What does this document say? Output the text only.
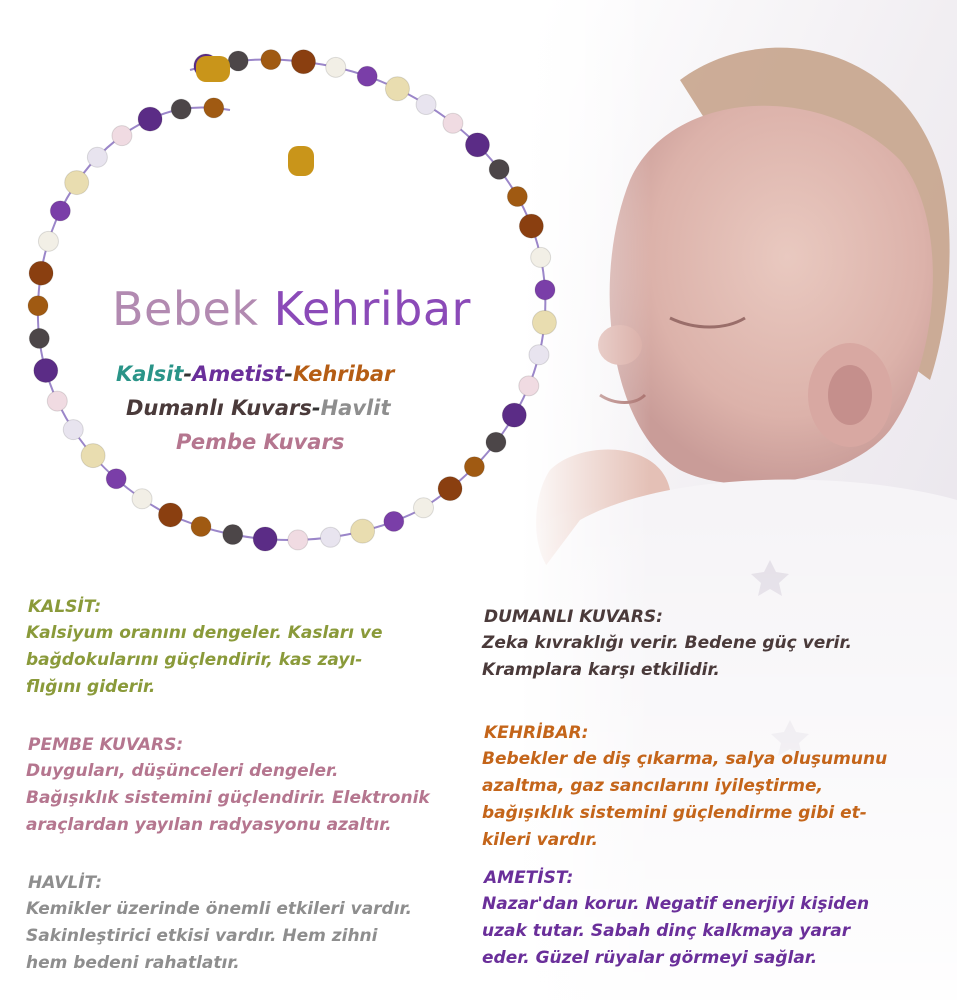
Bebek Kehribar
Kalsit-Ametist-Kehribar
Dumanlı Kuvars-Havlit
Pembe Kuvars
KALSİT:
Kalsiyum oranını dengeler. Kasları ve
bağdokularını güçlendirir, kas zayı-
flığını giderir.
PEMBE KUVARS:
Duyguları, düşünceleri dengeler.
Bağışıklık sistemini güçlendirir. Elektronik
araçlardan yayılan radyasyonu azaltır.
HAVLİT:
Kemikler üzerinde önemli etkileri vardır.
Sakinleştirici etkisi vardır. Hem zihni
hem bedeni rahatlatır.
DUMANLI KUVARS:
Zeka kıvraklığı verir. Bedene güç verir.
Kramplara karşı etkilidir.
KEHRİBAR:
Bebekler de diş çıkarma, salya oluşumunu
azaltma, gaz sancılarını iyileştirme,
bağışıklık sistemini güçlendirme gibi et-
kileri vardır.
AMETİST:
Nazar'dan korur. Negatif enerjiyi kişiden
uzak tutar. Sabah dinç kalkmaya yarar
eder. Güzel rüyalar görmeyi sağlar.
